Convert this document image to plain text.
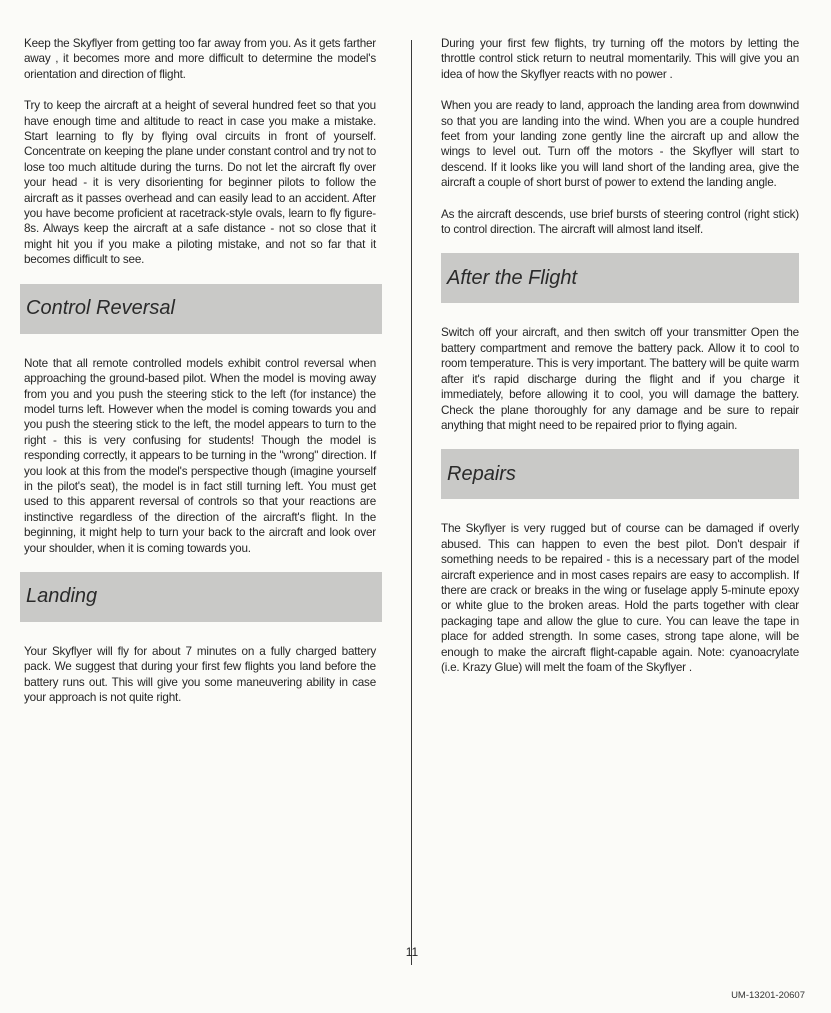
Keep the Skyflyer from getting too far away from you. As it gets farther away , it becomes more and more difficult to determine the model's orientation and direction of flight.

Try to keep the aircraft at a height of several hundred feet so that you have enough time and altitude to react in case you make a mistake. Start learning to fly by flying oval circuits in front of yourself. Concentrate on keeping the plane under constant control and try not to lose too much altitude during the turns. Do not let the aircraft fly over your head - it is very disorienting for beginner pilots to follow the aircraft as it passes overhead and can easily lead to an accident. After you have become proficient at racetrack-style ovals, learn to fly figure-8s. Always keep the aircraft at a safe distance - not so close that it might hit you if you make a piloting mistake, and not so far that it becomes difficult to see.

Control Reversal

Note that all remote controlled models exhibit control reversal when approaching the ground-based pilot. When the model is moving away from you and you push the steering stick to the left (for instance) the model turns left. However when the model is coming towards you and you push the steering stick to the left, the model appears to turn to the right - this is very confusing for students! Though the model is responding correctly, it appears to be turning in the "wrong" direction. If you look at this from the model's perspective though (imagine yourself in the pilot's seat), the model is in fact still turning left. You must get used to this apparent reversal of controls so that your reactions are instinctive regardless of the direction of the aircraft's flight. In the beginning, it might help to turn your back to the aircraft and look over your shoulder, when it is coming towards you.

Landing

Your Skyflyer will fly for about 7 minutes on a fully charged battery pack. We suggest that during your first few flights you land before the battery runs out. This will give you some maneuvering ability in case your approach is not quite right.

During your first few flights, try turning off the motors by letting the throttle control stick return to neutral momentarily. This will give you an idea of how the Skyflyer reacts with no power .

When you are ready to land, approach the landing area from downwind so that you are landing into the wind. When you are a couple hundred feet from your landing zone gently line the aircraft up and allow the wings to level out. Turn off the motors - the Skyflyer will start to descend. If it looks like you will land short of the landing area, give the aircraft a couple of short burst of power to extend the landing angle.

As the aircraft descends, use brief bursts of steering control (right stick) to control direction. The aircraft will almost land itself.

After the Flight

Switch off your aircraft, and then switch off your transmitter Open the battery compartment and remove the battery pack. Allow it to cool to room temperature. This is very important. The battery will be quite warm after it's rapid discharge during the flight and if you charge it immediately, before allowing it to cool, you will damage the battery. Check the plane thoroughly for any damage and be sure to repair anything that might need to be repaired prior to flying again.

Repairs

The Skyflyer is very rugged but of course can be damaged if overly abused. This can happen to even the best pilot. Don't despair if something needs to be repaired - this is a necessary part of the model aircraft experience and in most cases repairs are easy to accomplish. If there are crack or breaks in the wing or fuselage apply 5-minute epoxy or white glue to the broken areas. Hold the parts together with clear packaging tape and allow the glue to cure. You can leave the tape in place for added strength. In some cases, strong tape alone, will be enough to make the aircraft flight-capable again. Note: cyanoacrylate (i.e. Krazy Glue) will melt the foam of the Skyflyer .

11
UM-13201-20607
